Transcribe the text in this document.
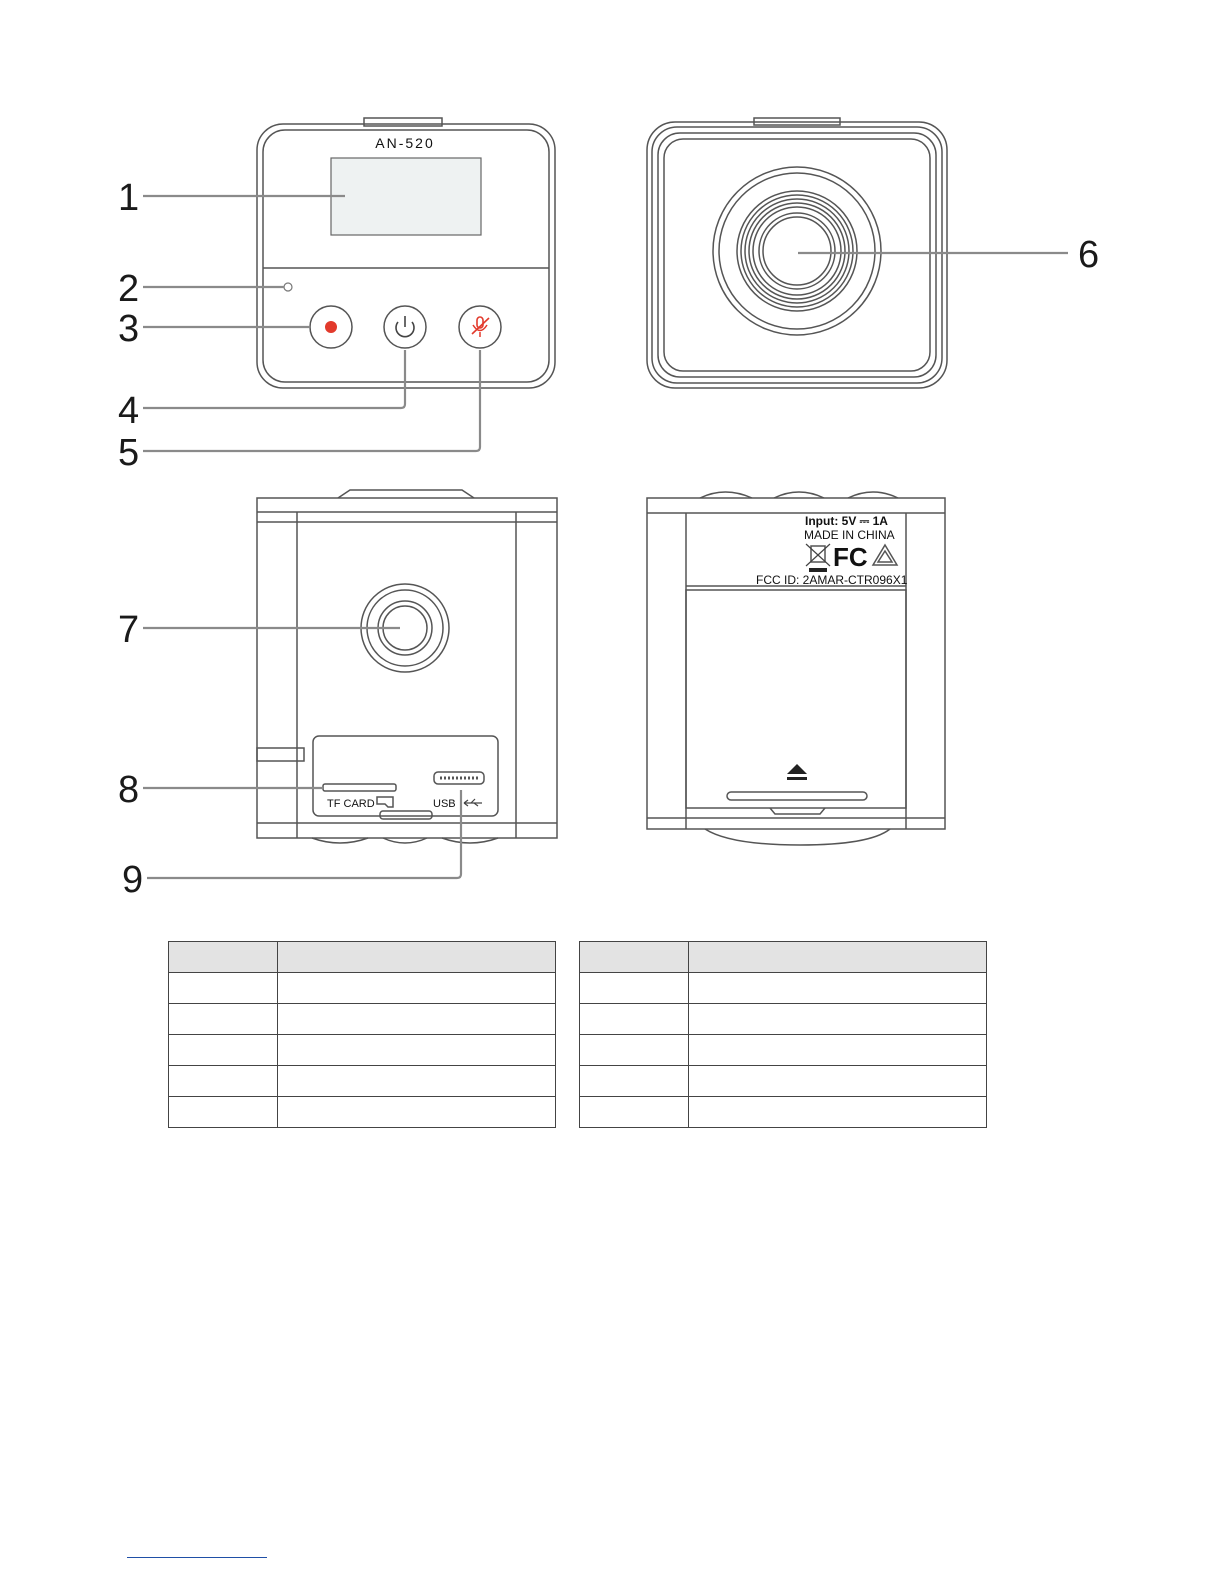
AN-520
TF CARD	USB
Input: 5V ⎓ 1A
MADE IN CHINA
FC
FCC ID: 2AMAR-CTR096X1
1
2
3
4
5
6
7
8
9
